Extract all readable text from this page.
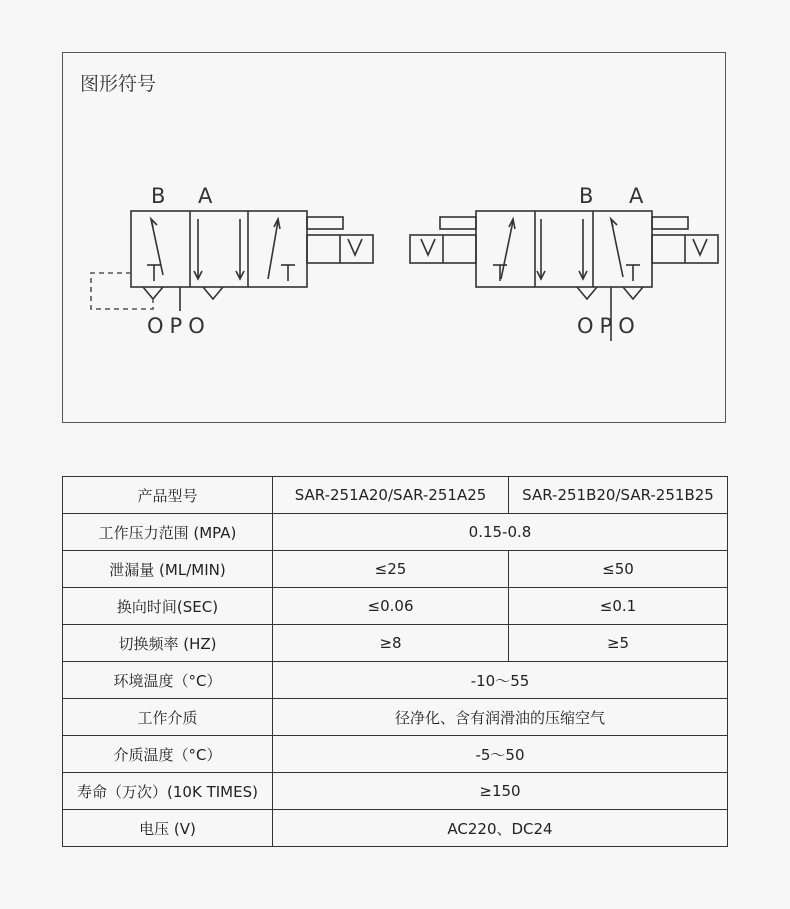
图形符号
B A
OPO
B A
OPO
产品型号	SAR-251A20/SAR-251A25	SAR-251B20/SAR-251B25
工作压力范围 (MPA)	0.15-0.8	
泄漏量 (ML/MIN)	≤25	≤50
换向时间(SEC)	≤0.06	≤0.1
切换频率 (HZ)	≥8	≥5
环境温度（°C）	-10～55	
工作介质	径净化、含有润滑油的压缩空气	
介质温度（°C）	-5～50	
寿命（万次）(10K TIMES)	≥150	
电压 (V)	AC220、DC24	
